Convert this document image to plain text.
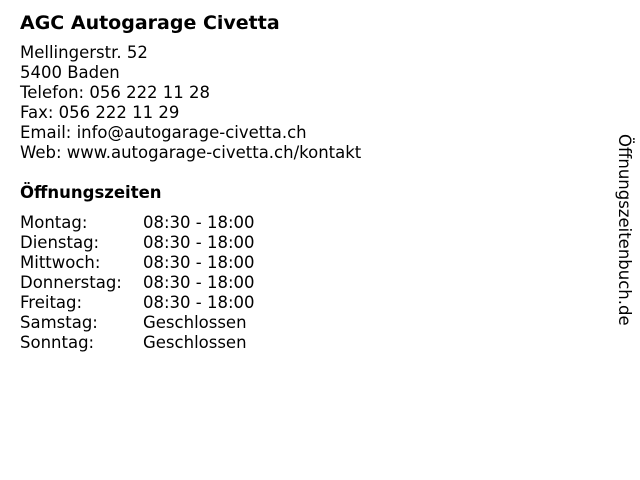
AGC Autogarage Civetta
Mellingerstr. 52
5400 Baden
Telefon: 056 222 11 28
Fax: 056 222 11 29
Email: info@autogarage-civetta.ch
Web: www.autogarage-civetta.ch/kontakt
Öffnungszeiten
Montag:	08:30 - 18:00
Dienstag:	08:30 - 18:00
Mittwoch:	08:30 - 18:00
Donnerstag: 08:30 - 18:00
Freitag:	08:30 - 18:00
Samstag:	Geschlossen
Sonntag:	Geschlossen
Öffnungszeitenbuch.de
